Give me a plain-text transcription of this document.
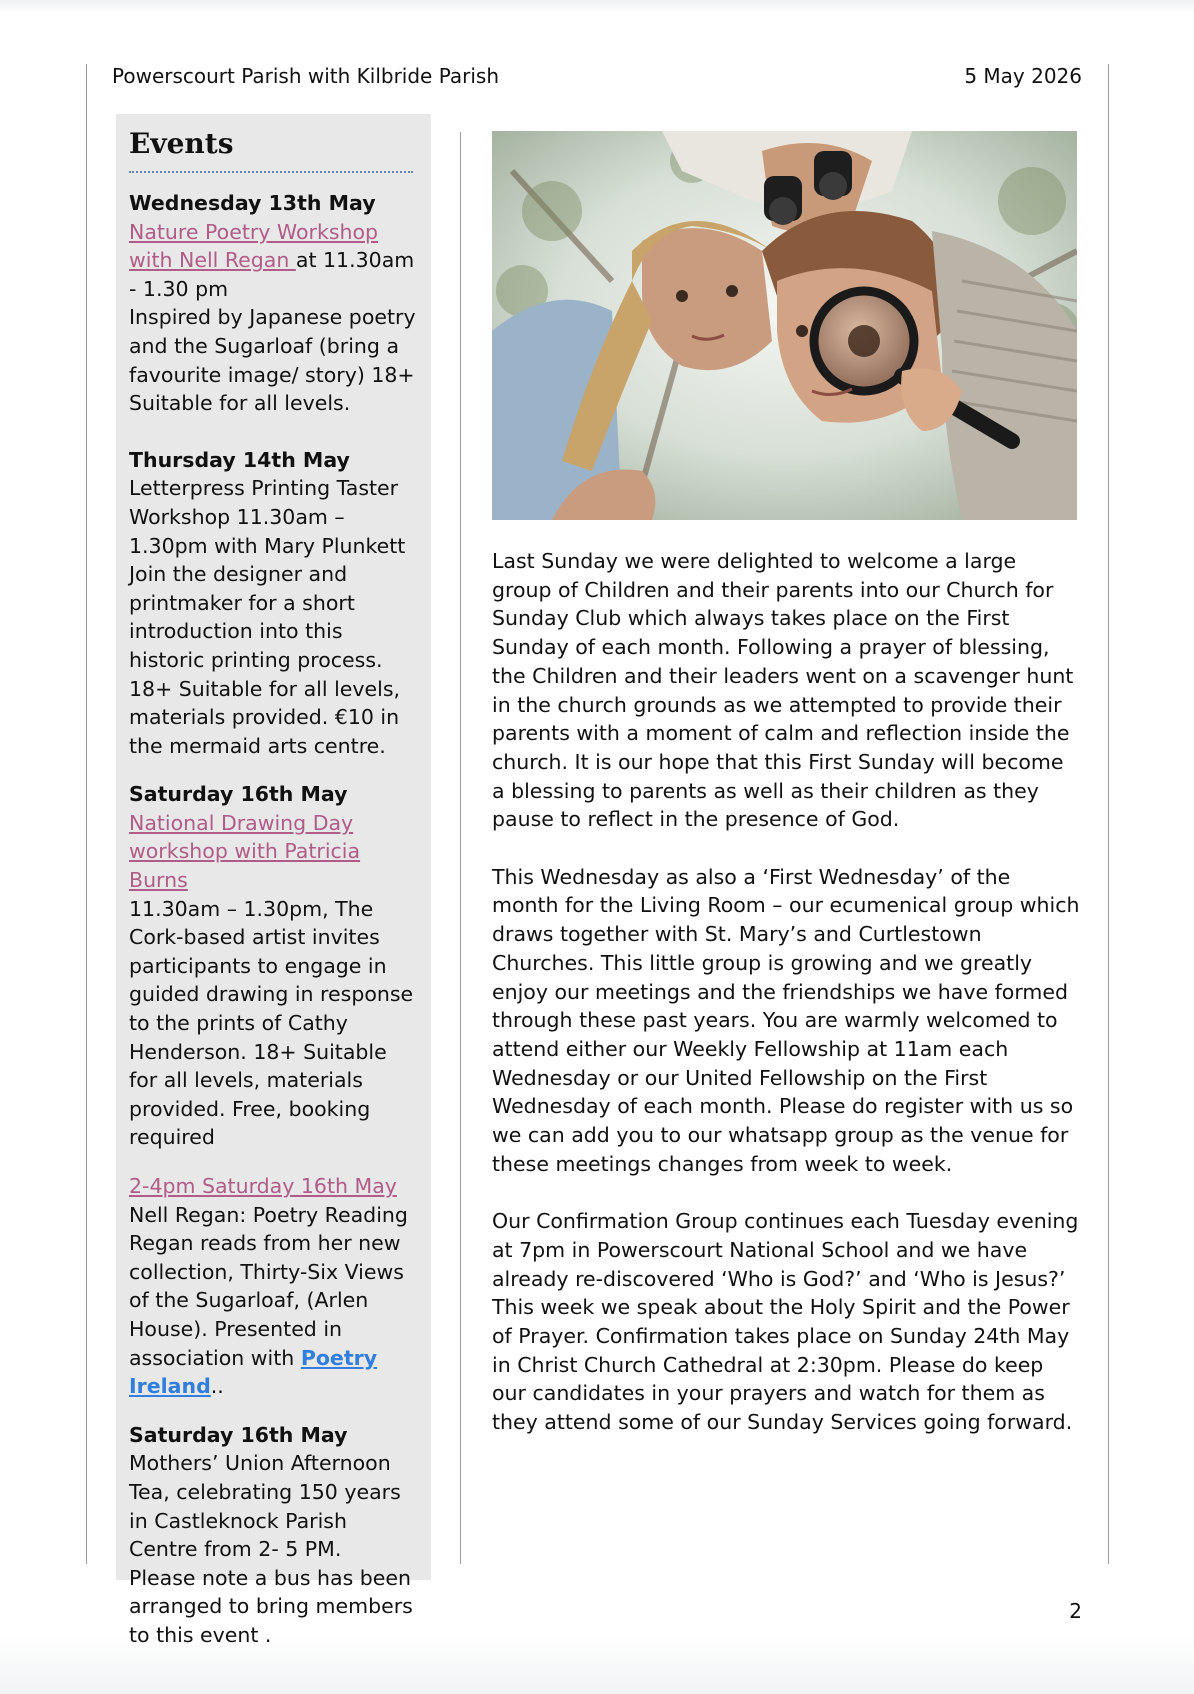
Powerscourt Parish with Kilbride Parish	5 May 2026
Events

Wednesday 13th May

Nature Poetry Workshop with Nell Regan at 11.30am - 1.30 pm

Inspired by Japanese poetry and the Sugarloaf (bring a favourite image/ story) 18+ Suitable for all levels.

Thursday 14th May

Letterpress Printing Taster Workshop 11.30am – 1.30pm with Mary Plunkett

Join the designer and printmaker for a short introduction into this historic printing process. 18+ Suitable for all levels, materials provided. €10 in the mermaid arts centre.

Saturday 16th May

National Drawing Day workshop with Patricia Burns

11.30am – 1.30pm, The Cork-based artist invites participants to engage in guided drawing in response to the prints of Cathy Henderson. 18+ Suitable for all levels, materials provided. Free, booking required

2-4pm Saturday 16th May

Nell Regan: Poetry Reading Regan reads from her new collection, Thirty-Six Views of the Sugarloaf, (Arlen House). Presented in association with Poetry Ireland..

Saturday 16th May

Mothers’ Union Afternoon Tea, celebrating 150 years in Castleknock Parish Centre from 2- 5 PM.

Please note a bus has been arranged to bring members to this event .

Last Sunday we were delighted to welcome a large group of Children and their parents into our Church for Sunday Club which always takes place on the First Sunday of each month. Following a prayer of blessing, the Children and their leaders went on a scavenger hunt in the church grounds as we attempted to provide their parents with a moment of calm and reflection inside the church. It is our hope that this First Sunday will become a blessing to parents as well as their children as they pause to reflect in the presence of God.

This Wednesday as also a ‘First Wednesday’ of the month for the Living Room – our ecumenical group which draws together with St. Mary’s and Curtlestown Churches. This little group is growing and we greatly enjoy our meetings and the friendships we have formed through these past years. You are warmly welcomed to attend either our Weekly Fellowship at 11am each Wednesday or our United Fellowship on the First Wednesday of each month. Please do register with us so we can add you to our whatsapp group as the venue for these meetings changes from week to week.

Our Confirmation Group continues each Tuesday evening at 7pm in Powerscourt National School and we have already re-discovered ‘Who is God?’ and ‘Who is Jesus?’ This week we speak about the Holy Spirit and the Power of Prayer. Confirmation takes place on Sunday 24th May in Christ Church Cathedral at 2:30pm. Please do keep our candidates in your prayers and watch for them as they attend some of our Sunday Services going forward.

2
